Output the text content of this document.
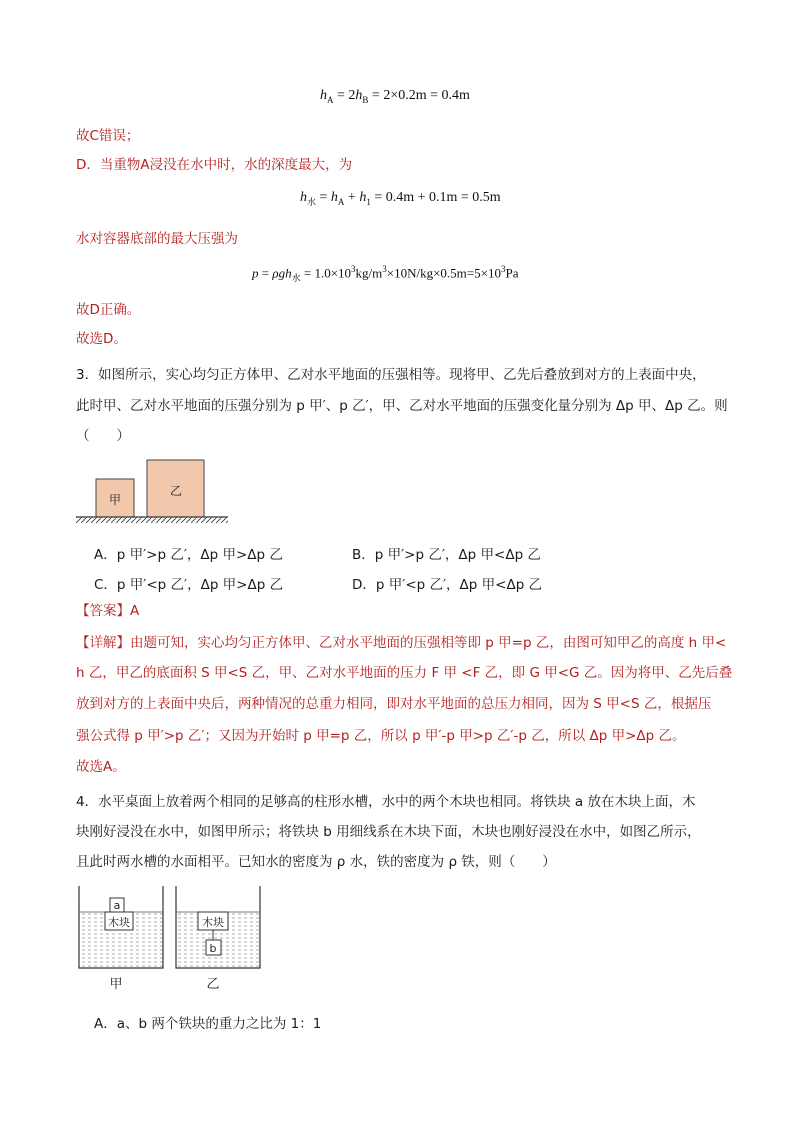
$h_A = 2h_B = 2\times 0.2m = 0.4m$
故C错误；
D．当重物A浸没在水中时，水的深度最大，为
$h_水 = h_A + h_1 = 0.4m + 0.1m = 0.5m$
水对容器底部的最大压强为
$p = \rho gh_水 = 1.0\times 10^3kg/m^3\times 10N/kg\times 0.5m=5\times 10^3Pa$
故D正确。
故选D。
3．如图所示，实心均匀正方体甲、乙对水平地面的压强相等。现将甲、乙先后叠放到对方的上表面中央，
此时甲、乙对水平地面的压强分别为 p 甲′、p 乙′，甲、乙对水平地面的压强变化量分别为 Δp 甲、Δp 乙。则
（　　）
甲
乙
A．p 甲′>p 乙′，Δp 甲>Δp 乙	B．p 甲′>p 乙′，Δp 甲<Δp 乙
C．p 甲′<p 乙′，Δp 甲>Δp 乙	D．p 甲′<p 乙′，Δp 甲<Δp 乙
【答案】A
【详解】由题可知，实心均匀正方体甲、乙对水平地面的压强相等即 p 甲=p 乙，由图可知甲乙的高度 h 甲<
h 乙，甲乙的底面积 S 甲<S 乙，甲、乙对水平地面的压力 F 甲 <F 乙，即 G 甲<G 乙。因为将甲、乙先后叠
放到对方的上表面中央后，两种情况的总重力相同，即对水平地面的总压力相同，因为 S 甲<S 乙，根据压
强公式得 p 甲′>p 乙′；又因为开始时 p 甲=p 乙，所以 p 甲′-p 甲>p 乙′-p 乙，所以 Δp 甲>Δp 乙。
故选A。
4．水平桌面上放着两个相同的足够高的柱形水槽，水中的两个木块也相同。将铁块 a 放在木块上面，木
块刚好浸没在水中，如图甲所示；将铁块 b 用细线系在木块下面，木块也刚好浸没在水中，如图乙所示，
且此时两水槽的水面相平。已知水的密度为 ρ 水，铁的密度为 ρ 铁，则（　　）
a
木块	木块
b
甲	乙
A．a、b 两个铁块的重力之比为 1：1
